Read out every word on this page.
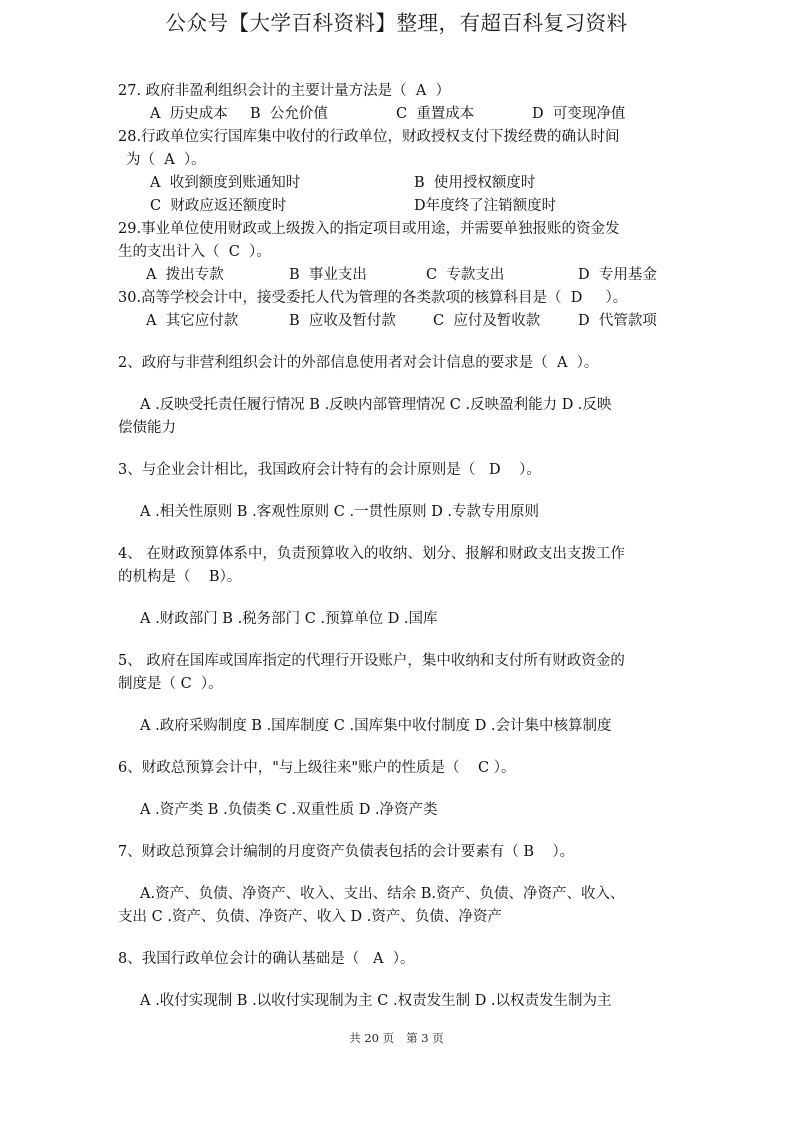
公众号【大学百科资料】整理，有超百科复习资料
27. 政府非盈利组织会计的主要计量方法是（  A  ）
A  历史成本 B  公允价值	C  重置成本	D  可变现净值
28.行政单位实行国库集中收付的行政单位，财政授权支付下拨经费的确认时间
为（  A  ）。
A  收到额度到账通知时	B  使用授权额度时
C  财政应返还额度时	D年度终了注销额度时
29.事业单位使用财政或上级拨入的指定项目或用途，并需要单独报账的资金发
生的支出计入（  C  ）。
A  拨出专款	B  事业支出	C  专款支出	D  专用基金
30.高等学校会计中，接受委托人代为管理的各类款项的核算科目是（  D     ）。
A  其它应付款	B  应收及暂付款	C  应付及暂收款	D  代管款项
2、政府与非营利组织会计的外部信息使用者对会计信息的要求是（  A  ）。
A .反映受托责任履行情况 B .反映内部管理情况 C .反映盈利能力 D .反映
偿债能力
3、与企业会计相比，我国政府会计特有的会计原则是（   D    ）。
A .相关性原则 B .客观性原则 C .一贯性原则 D .专款专用原则
4、 在财政预算体系中，负责预算收入的收纳、划分、报解和财政支出支拨工作
的机构是（    B）。
A .财政部门 B .税务部门 C .预算单位 D .国库
5、 政府在国库或国库指定的代理行开设账户，集中收纳和支付所有财政资金的
制度是（ C  ）。
A .政府采购制度 B .国库制度 C .国库集中收付制度 D .会计集中核算制度
6、财政总预算会计中，"与上级往来"账户的性质是（    C ）。
A .资产类 B .负债类 C .双重性质 D .净资产类
7、财政总预算会计编制的月度资产负债表包括的会计要素有（ B    ）。
A.资产、负债、净资产、收入、支出、结余 B.资产、负债、净资产、收入、
支出 C .资产、负债、净资产、收入 D .资产、负债、净资产
8、我国行政单位会计的确认基础是（   A  ）。
A .收付实现制 B .以收付实现制为主 C .权责发生制 D .以权责发生制为主
共 20 页 第 3 页
